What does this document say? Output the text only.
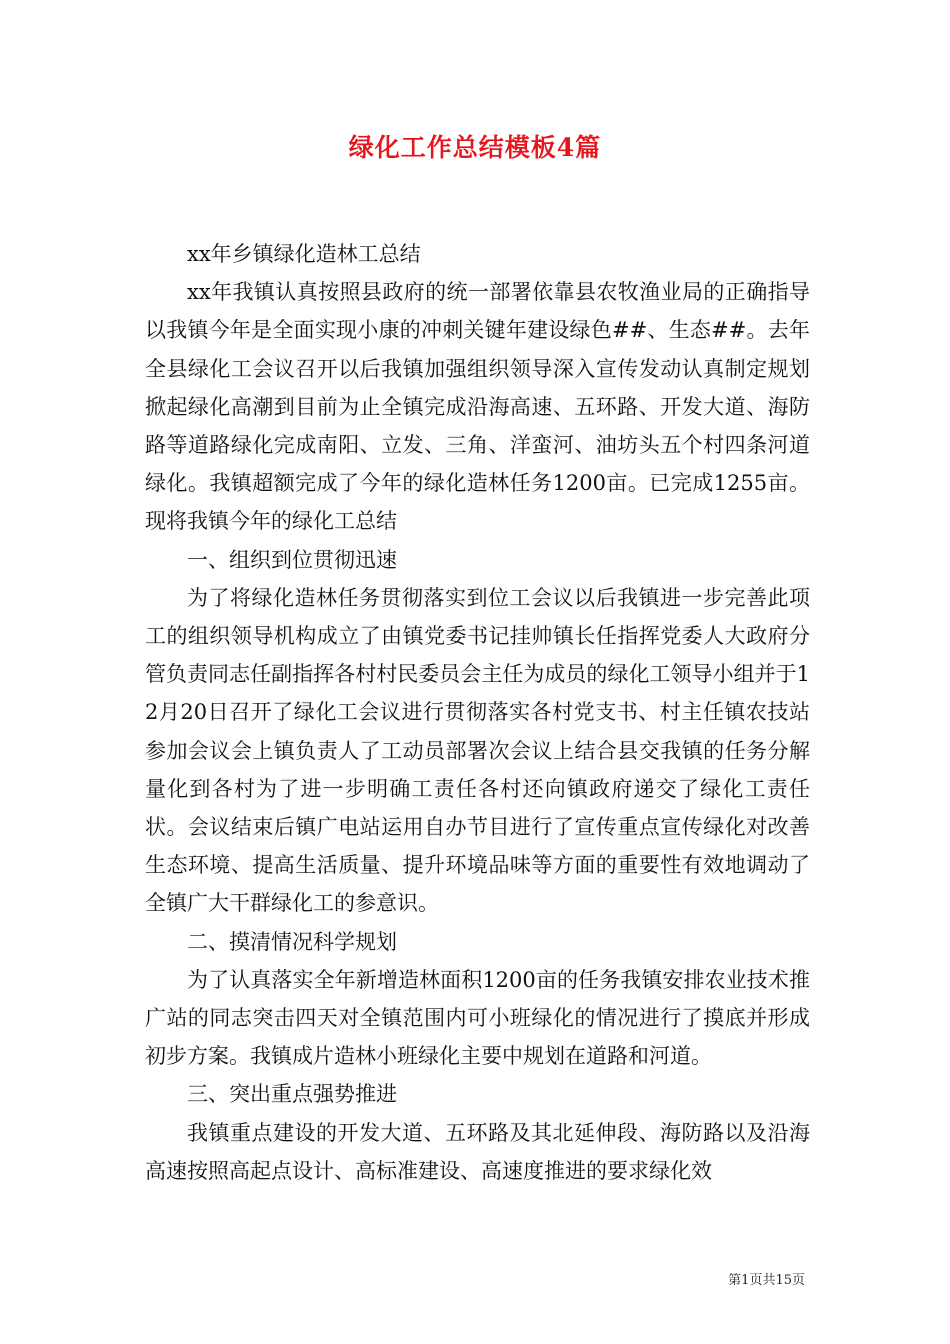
绿化工作总结模板4篇

xx年乡镇绿化造林工总结

xx年我镇认真按照县政府的统一部署依靠县农牧渔业局的正确指导以我镇今年是全面实现小康的冲刺关键年建设绿色##、生态##。去年全县绿化工会议召开以后我镇加强组织领导深入宣传发动认真制定规划掀起绿化高潮到目前为止全镇完成沿海高速、五环路、开发大道、海防路等道路绿化完成南阳、立发、三角、洋蛮河、油坊头五个村四条河道绿化。我镇超额完成了今年的绿化造林任务1200亩。已完成1255亩。现将我镇今年的绿化工总结

一、组织到位贯彻迅速

为了将绿化造林任务贯彻落实到位工会议以后我镇进一步完善此项工的组织领导机构成立了由镇党委书记挂帅镇长任指挥党委人大政府分管负责同志任副指挥各村村民委员会主任为成员的绿化工领导小组并于12月20日召开了绿化工会议进行贯彻落实各村党支书、村主任镇农技站参加会议会上镇负责人了工动员部署次会议上结合县交我镇的任务分解量化到各村为了进一步明确工责任各村还向镇政府递交了绿化工责任状。会议结束后镇广电站运用自办节目进行了宣传重点宣传绿化对改善生态环境、提高生活质量、提升环境品味等方面的重要性有效地调动了全镇广大干群绿化工的参意识。

二、摸清情况科学规划

为了认真落实全年新增造林面积1200亩的任务我镇安排农业技术推广站的同志突击四天对全镇范围内可小班绿化的情况进行了摸底并形成初步方案。我镇成片造林小班绿化主要中规划在道路和河道。

三、突出重点强势推进

我镇重点建设的开发大道、五环路及其北延伸段、海防路以及沿海高速按照高起点设计、高标准建设、高速度推进的要求绿化效

第1页共15页
